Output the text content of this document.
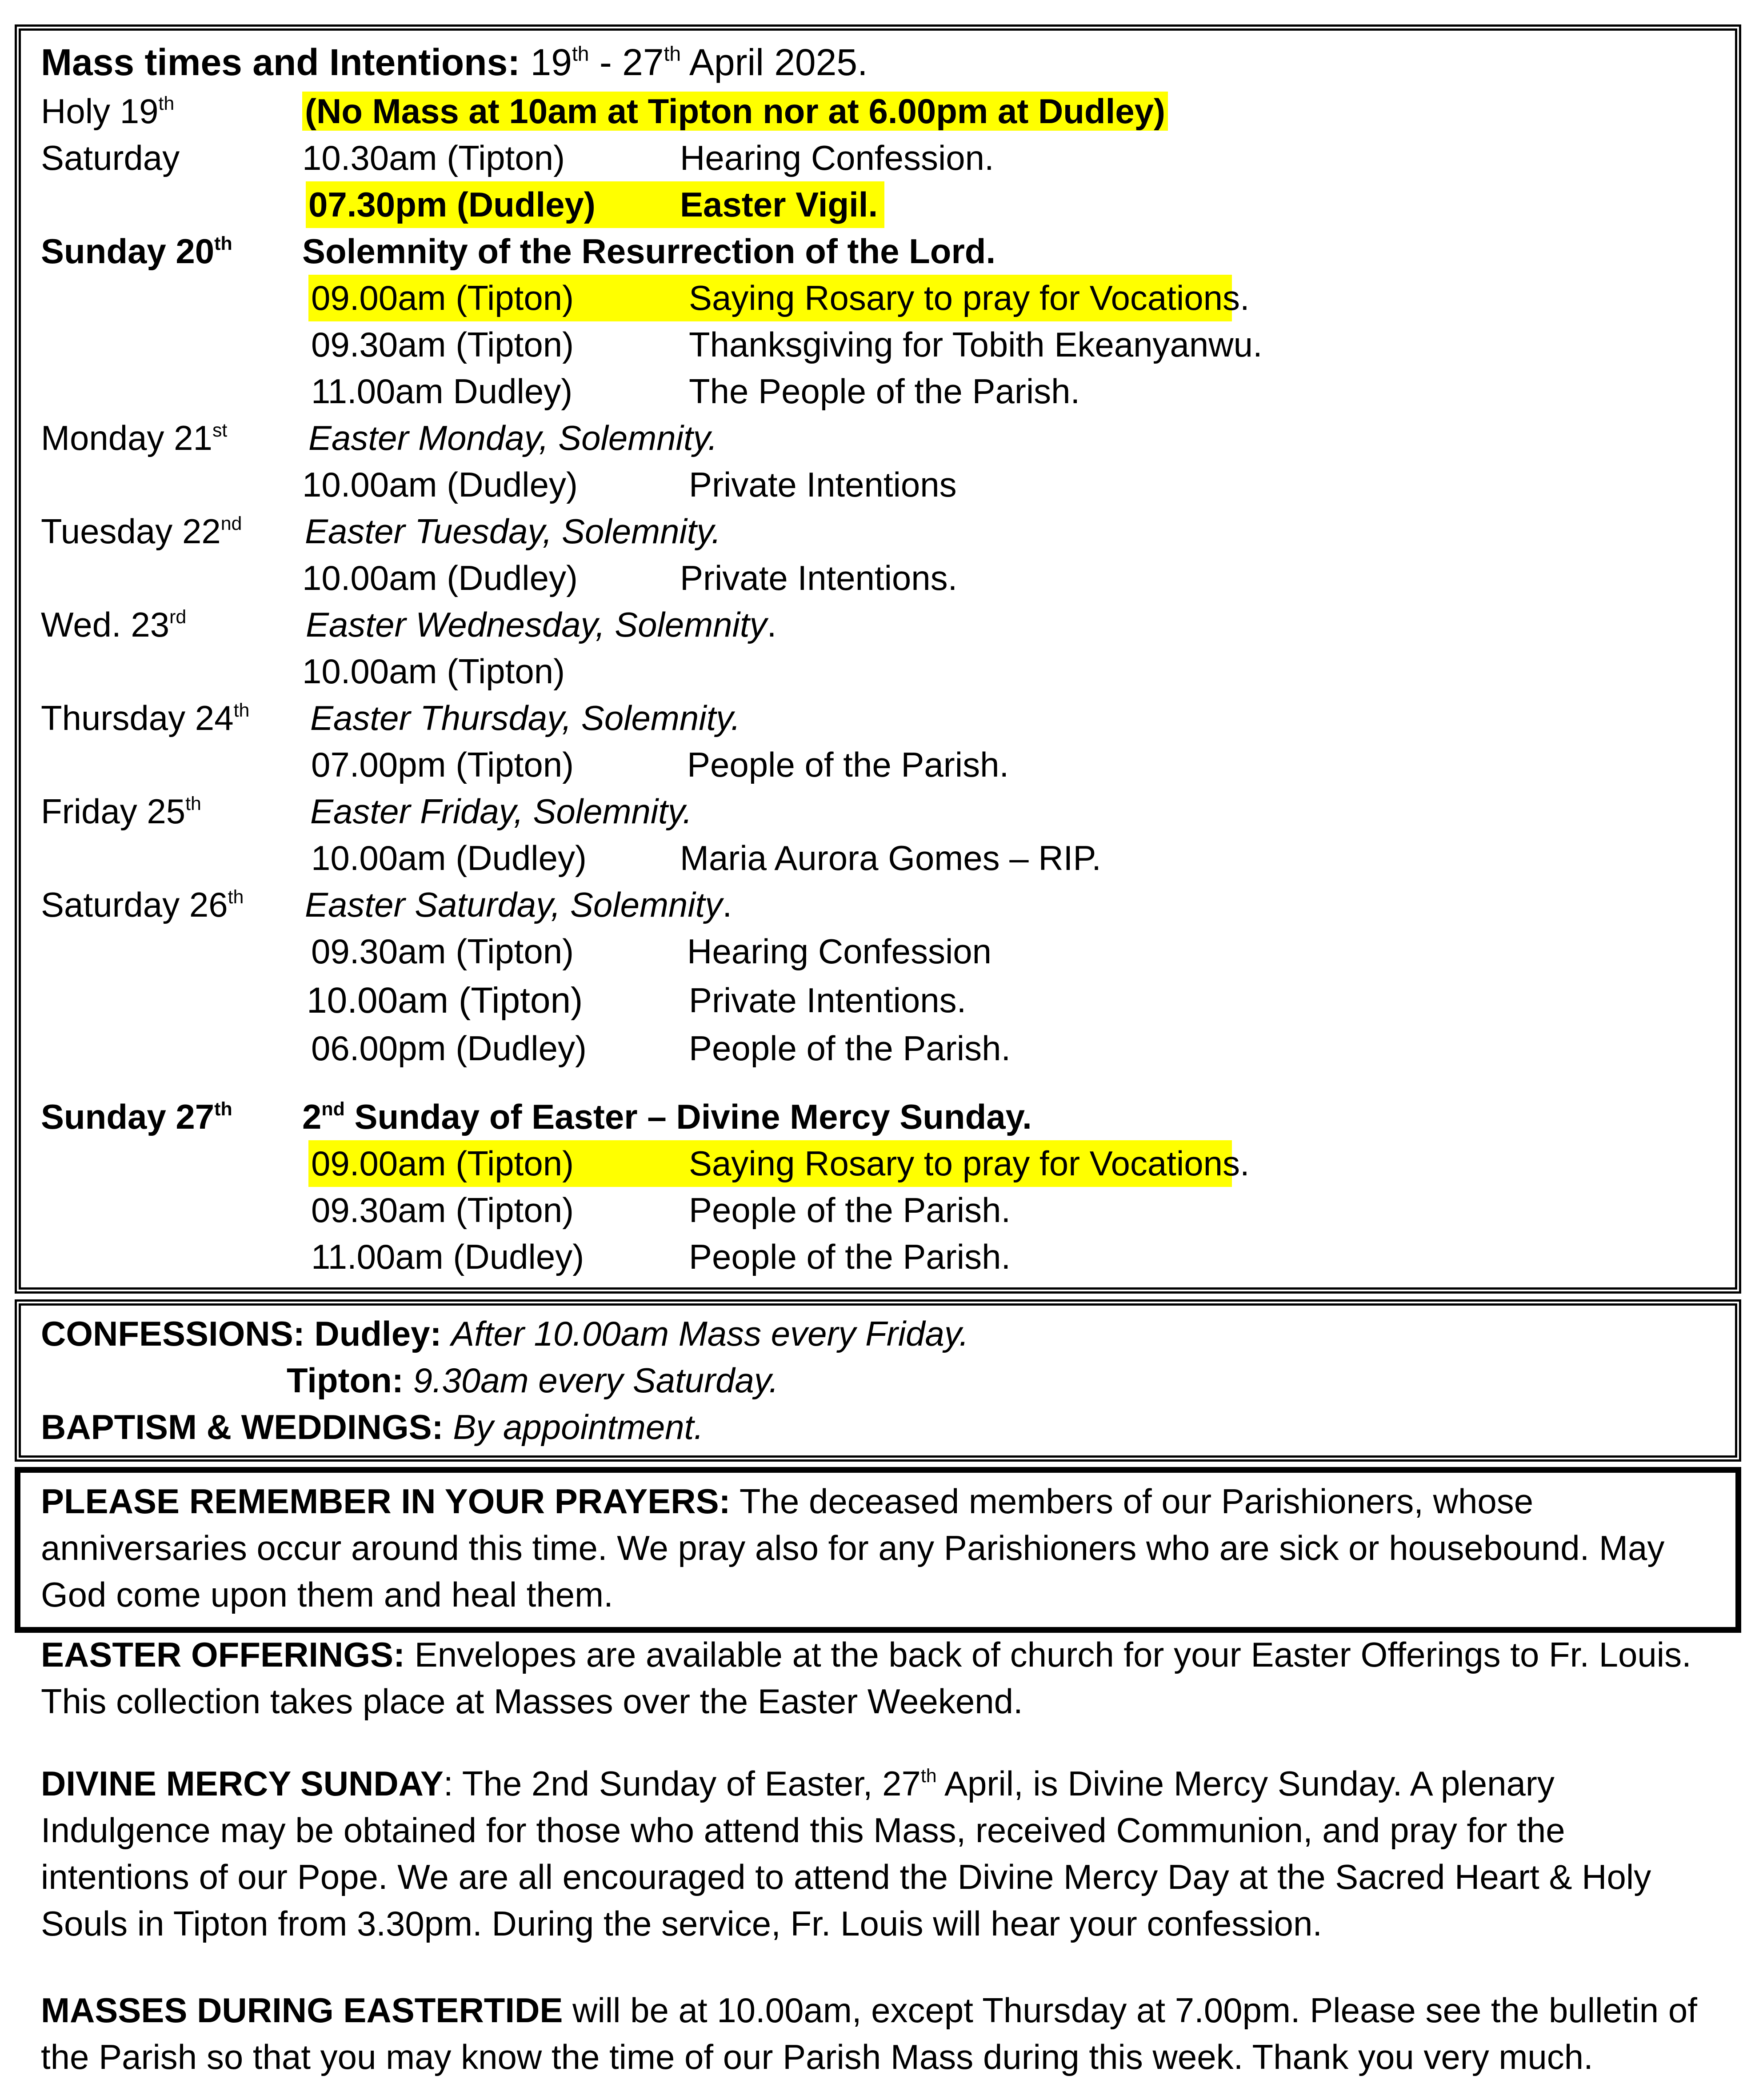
Mass times and Intentions: 19th - 27th April 2025.
Holy 19th	(No Mass at 10am at Tipton nor at 6.00pm at Dudley)
Saturday	10.30am (Tipton)	Hearing Confession.
07.30pm (Dudley) Easter Vigil.
Sunday 20th Solemnity of the Resurrection of the Lord.
09.00am (Tipton)	Saying Rosary to pray for Vocations.
09.30am (Tipton)	Thanksgiving for Tobith Ekeanyanwu.
11.00am Dudley)	The People of the Parish.
Monday 21st Easter Monday, Solemnity.
10.00am (Dudley)	Private Intentions
Tuesday 22nd Easter Tuesday, Solemnity.
10.00am (Dudley)	Private Intentions.
Wed. 23rd	Easter Wednesday, Solemnity.
10.00am (Tipton)
Thursday 24th Easter Thursday, Solemnity.
07.00pm (Tipton)	People of the Parish.
Friday 25th	Easter Friday, Solemnity.
10.00am (Dudley)	Maria Aurora Gomes – RIP.
Saturday 26th Easter Saturday, Solemnity.
09.30am (Tipton)	Hearing Confession
10.00am (Tipton)	Private Intentions.
06.00pm (Dudley)	People of the Parish.
Sunday 27th 2nd Sunday of Easter – Divine Mercy Sunday.
09.00am (Tipton)	Saying Rosary to pray for Vocations.
09.30am (Tipton)	People of the Parish.
11.00am (Dudley)	People of the Parish.
CONFESSIONS: Dudley: After 10.00am Mass every Friday.
Tipton: 9.30am every Saturday.
BAPTISM & WEDDINGS: By appointment.
PLEASE REMEMBER IN YOUR PRAYERS: The deceased members of our Parishioners, whose anniversaries occur around this time. We pray also for any Parishioners who are sick or housebound. May God come upon them and heal them.
EASTER OFFERINGS: Envelopes are available at the back of church for your Easter Offerings to Fr. Louis. This collection takes place at Masses over the Easter Weekend.
DIVINE MERCY SUNDAY: The 2nd Sunday of Easter, 27th April, is Divine Mercy Sunday. A plenary Indulgence may be obtained for those who attend this Mass, received Communion, and pray for the intentions of our Pope. We are all encouraged to attend the Divine Mercy Day at the Sacred Heart & Holy Souls in Tipton from 3.30pm. During the service, Fr. Louis will hear your confession.
MASSES DURING EASTERTIDE will be at 10.00am, except Thursday at 7.00pm. Please see the bulletin of the Parish so that you may know the time of our Parish Mass during this week. Thank you very much.
